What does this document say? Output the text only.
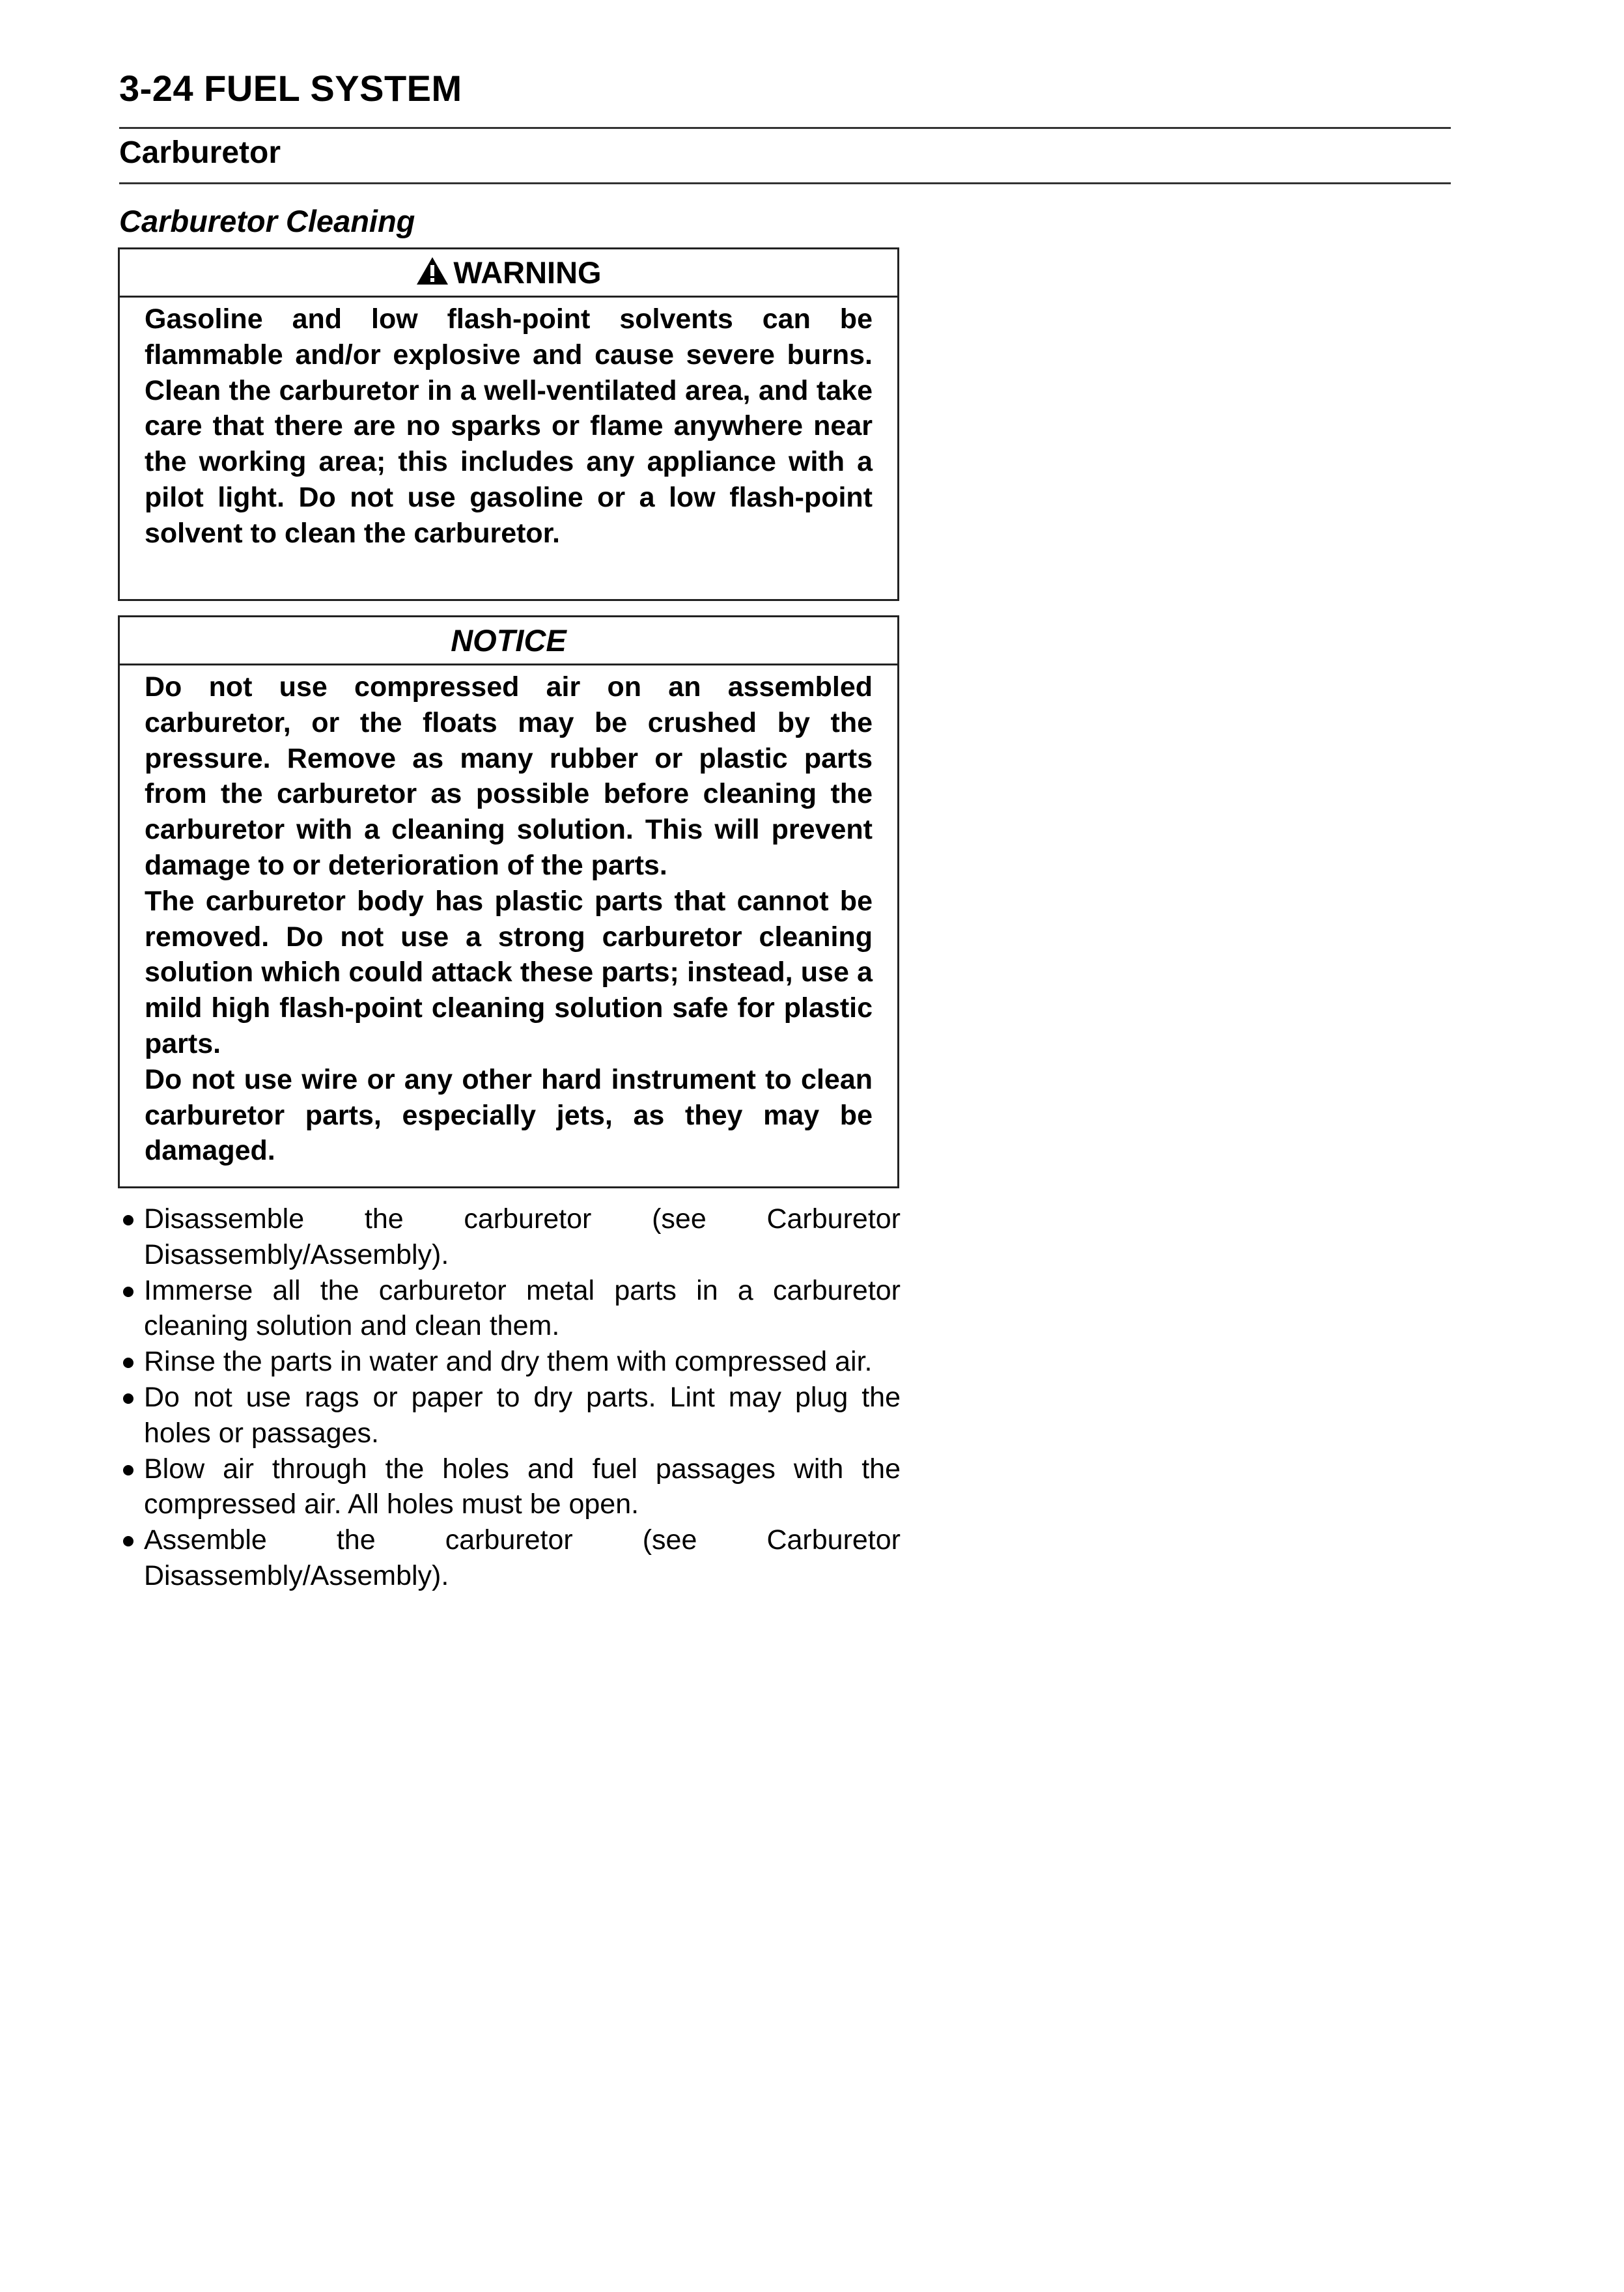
3-24 FUEL SYSTEM
Carburetor
Carburetor Cleaning
WARNING

Gasoline and low flash-point solvents can be flammable and/or explosive and cause severe burns. Clean the carburetor in a well-ventilated area, and take care that there are no sparks or flame anywhere near the working area; this includes any appliance with a pilot light. Do not use gasoline or a low flash-point solvent to clean the carburetor.

NOTICE

Do not use compressed air on an assembled carburetor, or the floats may be crushed by the pressure. Remove as many rubber or plastic parts from the carburetor as possible before cleaning the carburetor with a cleaning solution. This will prevent damage to or deterioration of the parts.

The carburetor body has plastic parts that cannot be removed. Do not use a strong carburetor cleaning solution which could attack these parts; instead, use a mild high flash-point cleaning solution safe for plastic parts.

Do not use wire or any other hard instrument to clean carburetor parts, especially jets, as they may be damaged.

Disassemble the carburetor (see Carburetor Disassembly/Assembly).
Immerse all the carburetor metal parts in a carburetor cleaning solution and clean them.
Rinse the parts in water and dry them with compressed air.
Do not use rags or paper to dry parts. Lint may plug the holes or passages.
Blow air through the holes and fuel passages with the compressed air. All holes must be open.
Assemble the carburetor (see Carburetor Disassembly/Assembly).
